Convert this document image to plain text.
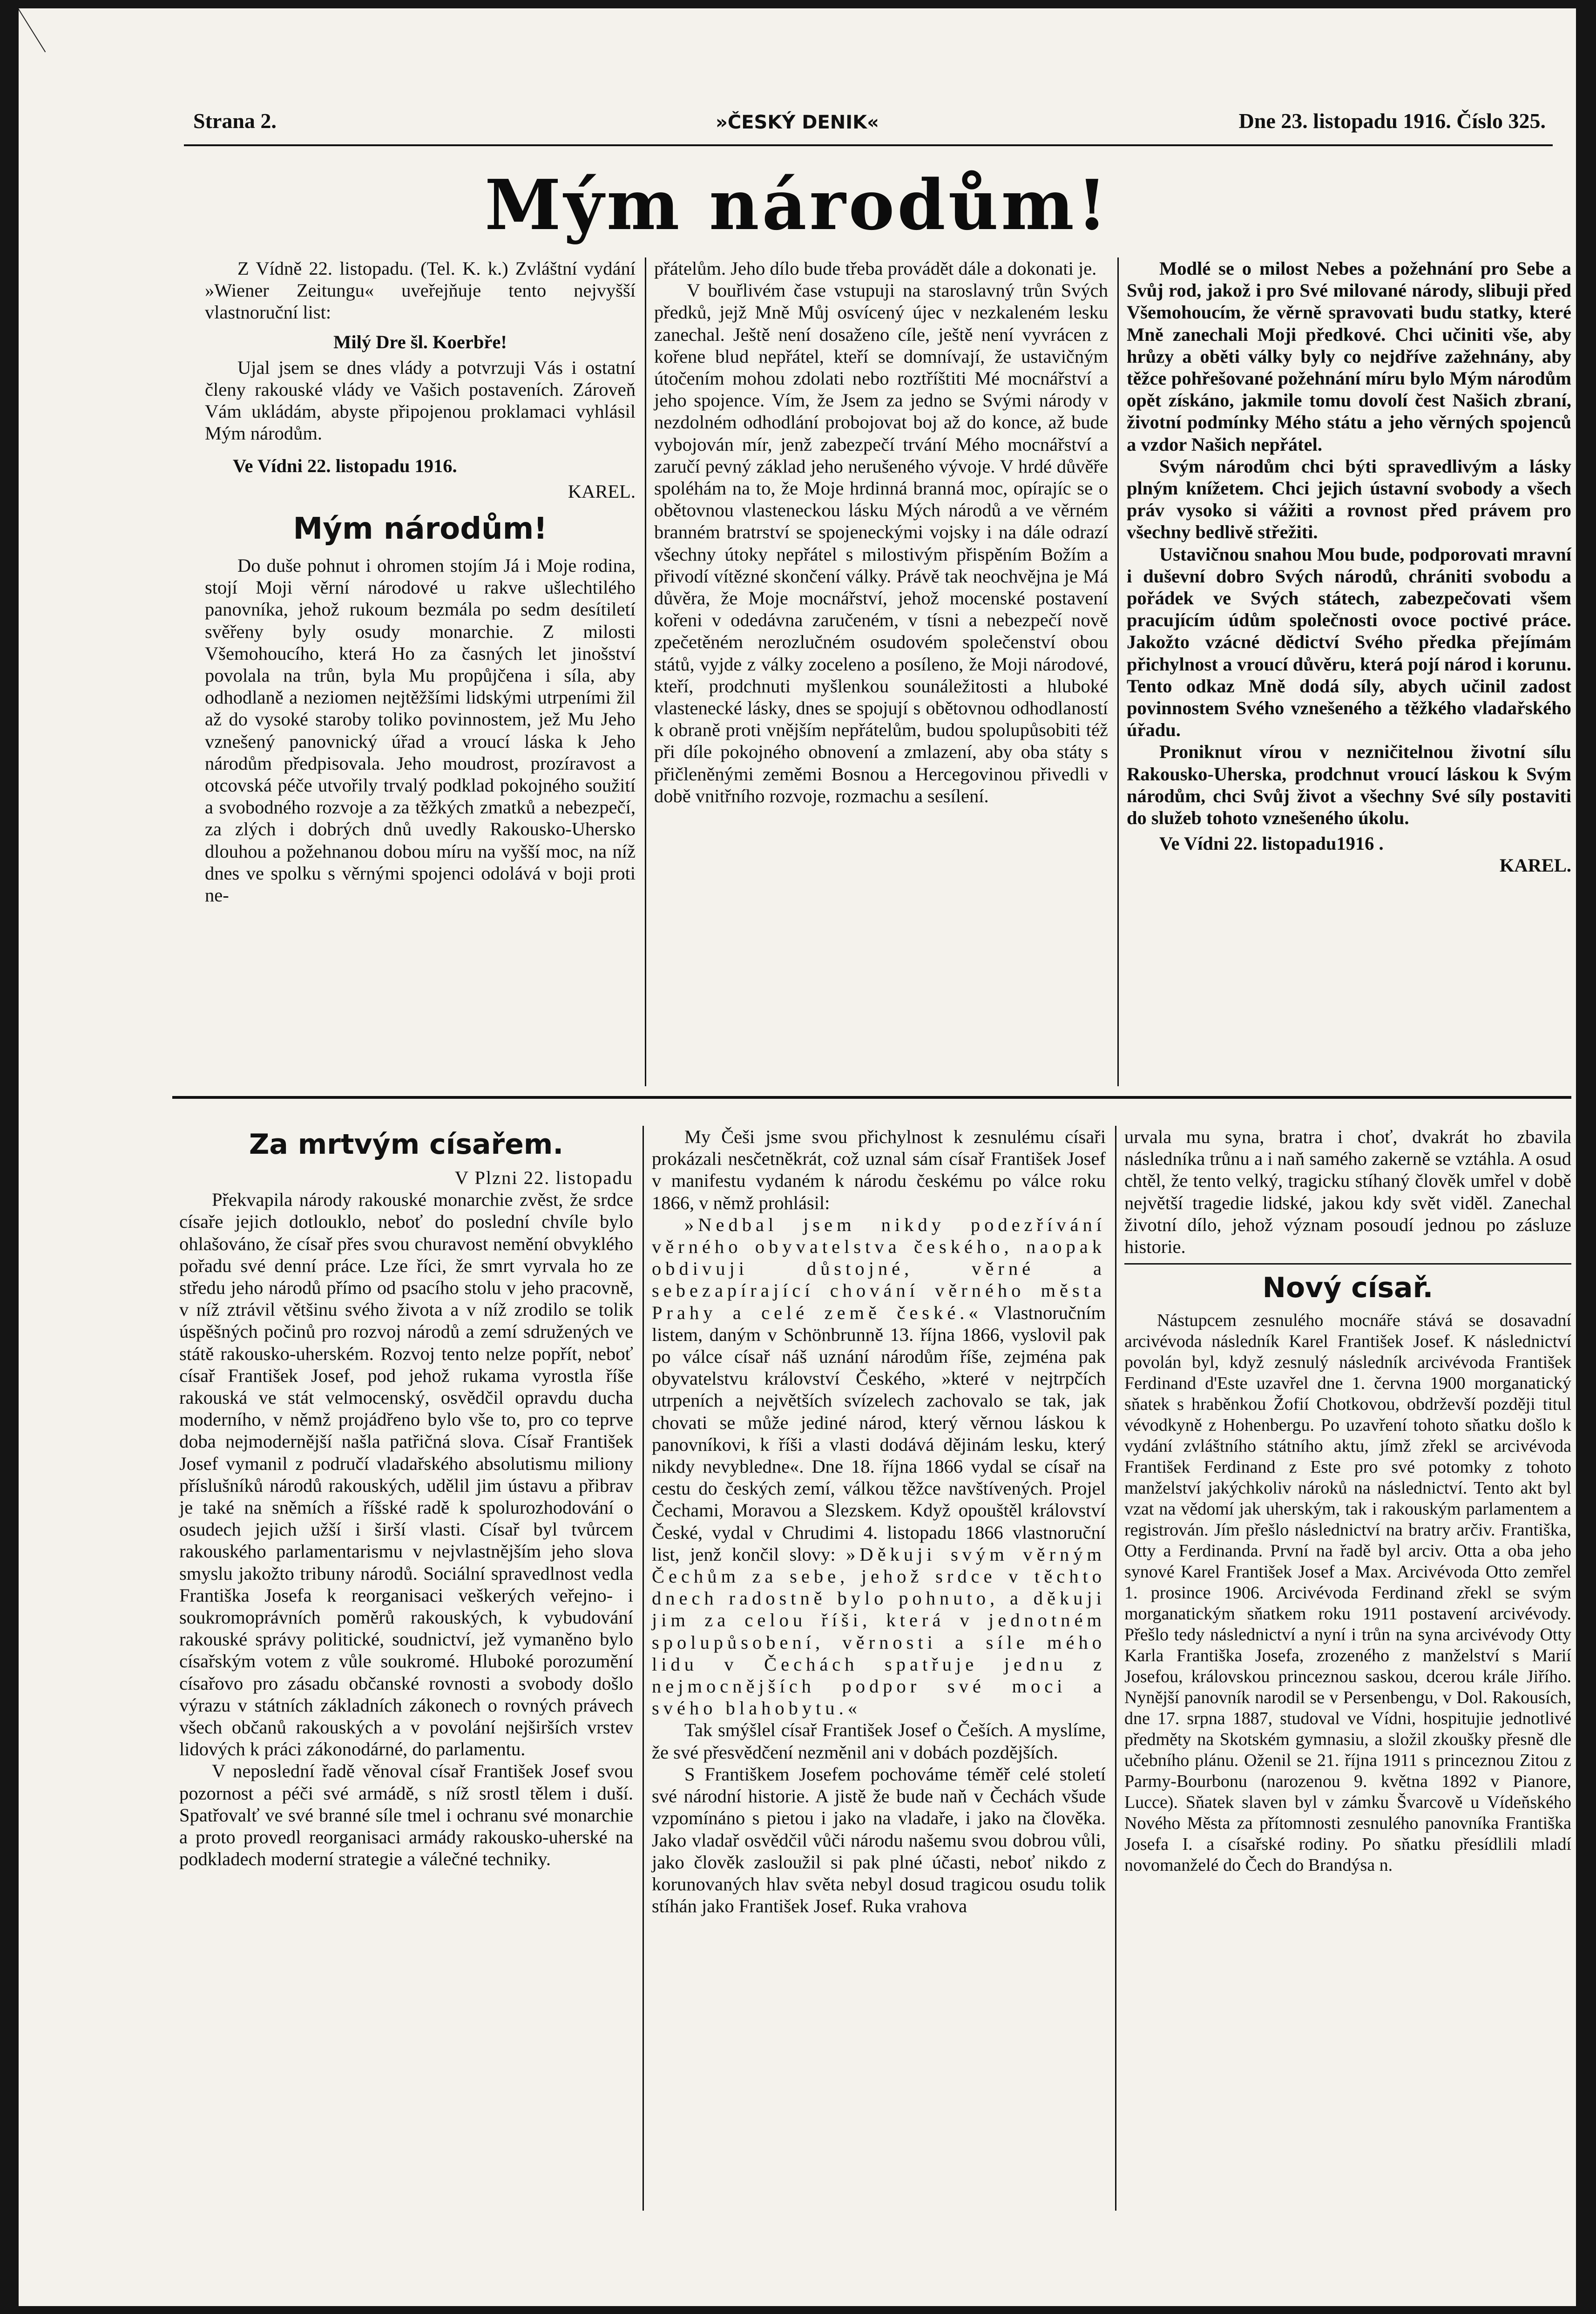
Strana 2.	»ČESKÝ DENIK«	Dne 23. listopadu 1916. Číslo 325.
Mým národům!

Z Vídně 22. listopadu. (Tel. K. k.) Zvláštní vydání »Wiener Zeitungu« uveřejňuje tento nejvyšší vlastnoruční list:

Milý Dre šl. Koerbře!

Ujal jsem se dnes vlády a potvrzuji Vás i ostatní členy rakouské vlády ve Vašich postaveních. Zároveň Vám ukládám, abyste připojenou proklamaci vyhlásil Mým národům.

Ve Vídni 22. listopadu 1916.

KAREL.

Mým národům!

Do duše pohnut i ohromen stojím Já i Moje rodina, stojí Moji věrní národové u rakve ušlechtilého panovníka, jehož rukoum bezmála po sedm desítiletí svěřeny byly osudy monarchie. Z milosti Všemohoucího, která Ho za časných let jinošství povolala na trůn, byla Mu propůjčena i síla, aby odhodlaně a neziomen nejtěžšími lidskými utrpeními žil až do vysoké staroby toliko povinnostem, jež Mu Jeho vznešený panovnický úřad a vroucí láska k Jeho národům předpisovala. Jeho moudrost, prozíravost a otcovská péče utvořily trvalý podklad pokojného soužití a svobodného rozvoje a za těžkých zmatků a nebezpečí, za zlých i dobrých dnů uvedly Rakousko-Uhersko dlouhou a požehnanou dobou míru na vyšší moc, na níž dnes ve spolku s věrnými spojenci odolává v boji proti ne-

přátelům. Jeho dílo bude třeba provádět dále a dokonati je.

V bouřlivém čase vstupuji na staroslavný trůn Svých předků, jejž Mně Můj osvícený újec v nezkaleném lesku zanechal. Ještě není dosaženo cíle, ještě není vyvrácen z kořene blud nepřátel, kteří se domnívají, že ustavičným útočením mohou zdolati nebo roztříštiti Mé mocnářství a jeho spojence. Vím, že Jsem za jedno se Svými národy v nezdolném odhodlání probojovat boj až do konce, až bude vybojován mír, jenž zabezpečí trvání Mého mocnářství a zaručí pevný základ jeho nerušeného vývoje. V hrdé důvěře spoléhám na to, že Moje hrdinná branná moc, opírajíc se o obětovnou vlasteneckou lásku Mých národů a ve věrném branném bratrství se spojeneckými vojsky i na dále odrazí všechny útoky nepřátel s milostivým přispěním Božím a přivodí vítězné skončení války. Právě tak neochvějna je Má důvěra, že Moje mocnářství, jehož mocenské postavení kořeni v odedávna zaručeném, v tísni a nebezpečí nově zpečetěném nerozlučném osudovém společenství obou států, vyjde z války zoceleno a posíleno, že Moji národové, kteří, prodchnuti myšlenkou sounáležitosti a hluboké vlastenecké lásky, dnes se spojují s obětovnou odhodlaností k obraně proti vnějším nepřátelům, budou spolupůsobiti též při díle pokojného obnovení a zmlazení, aby oba státy s přičleněnými zeměmi Bosnou a Hercegovinou přivedli v době vnitřního rozvoje, rozmachu a sesílení.

Modlé se o milost Nebes a požehnání pro Sebe a Svůj rod, jakož i pro Své milované národy, slibuji před Všemohoucím, že věrně spravovati budu statky, které Mně zanechali Moji předkové. Chci učiniti vše, aby hrůzy a oběti války byly co nejdříve zažehnány, aby těžce pohřešované požehnání míru bylo Mým národům opět získáno, jakmile tomu dovolí čest Našich zbraní, životní podmínky Mého státu a jeho věrných spojenců a vzdor Našich nepřátel.

Svým národům chci býti spravedlivým a lásky plným knížetem. Chci jejich ústavní svobody a všech práv vysoko si vážiti a rovnost před právem pro všechny bedlivě střežiti.

Ustavičnou snahou Mou bude, podporovati mravní i duševní dobro Svých národů, chrániti svobodu a pořádek ve Svých státech, zabezpečovati všem pracujícím údům společnosti ovoce poctivé práce. Jakožto vzácné dědictví Svého předka přejímám přichylnost a vroucí důvěru, která pojí národ i korunu. Tento odkaz Mně dodá síly, abych učinil zadost povinnostem Svého vznešeného a těžkého vladařského úřadu.

Proniknut vírou v nezničitelnou životní sílu Rakousko-Uherska, prodchnut vroucí láskou k Svým národům, chci Svůj život a všechny Své síly postaviti do služeb tohoto vznešeného úkolu.

Ve Vídni 22. listopadu1916 .

KAREL.

Za mrtvým císařem.

V Plzni 22. listopadu

Překvapila národy rakouské monarchie zvěst, že srdce císaře jejich dotlouklo, neboť do poslední chvíle bylo ohlašováno, že císař přes svou churavost nemění obvyklého pořadu své denní práce. Lze říci, že smrt vyrvala ho ze středu jeho národů přímo od psacího stolu v jeho pracovně, v níž ztrávil většinu svého života a v níž zrodilo se tolik úspěšných počinů pro rozvoj národů a zemí sdružených ve státě rakousko-uherském. Rozvoj tento nelze popřít, neboť císař František Josef, pod jehož rukama vyrostla říše rakouská ve stát velmocenský, osvědčil opravdu ducha moderního, v němž projádřeno bylo vše to, pro co teprve doba nejmodernější našla patřičná slova. Císař František Josef vymanil z područí vladařského absolutismu miliony příslušníků národů rakouských, udělil jim ústavu a přibrav je také na sněmích a říšské radě k spolurozhodování o osudech jejich užší i širší vlasti. Císař byl tvůrcem rakouského parlamentarismu v nejvlastnějším jeho slova smyslu jakožto tribuny národů. Sociální spravedlnost vedla Františka Josefa k reorganisaci veškerých veřejno- i soukromoprávních poměrů rakouských, k vybudování rakouské správy politické, soudnictví, jež vymaněno bylo císařským votem z vůle soukromé. Hluboké porozumění císařovo pro zásadu občanské rovnosti a svobody došlo výrazu v státních základních zákonech o rovných právech všech občanů rakouských a v povolání nejširších vrstev lidových k práci zákonodárné, do parlamentu.

V neposlední řadě věnoval císař František Josef svou pozornost a péči své armádě, s níž srostl tělem i duší. Spatřovalť ve své branné síle tmel i ochranu své monarchie a proto provedl reorganisaci armády rakousko-uherské na podkladech moderní strategie a válečné techniky.

My Češi jsme svou přichylnost k zesnulému císaři prokázali nesčetněkrát, což uznal sám císař František Josef v manifestu vydaném k národu českému po válce roku 1866, v němž prohlásil:

»Nedbal jsem nikdy podezřívání věrného obyvatelstva českého, naopak obdivuji důstojné, věrné a sebezapírající chování věrného města Prahy a celé země české.« Vlastnoručním listem, daným v Schönbrunně 13. října 1866, vyslovil pak po válce císař náš uznání národům říše, zejména pak obyvatelstvu království Českého, »které v nejtrpčích utrpeních a největších svízelech zachovalo se tak, jak chovati se může jediné národ, který věrnou láskou k panovníkovi, k říši a vlasti dodává dějinám lesku, který nikdy nevybledne«. Dne 18. října 1866 vydal se císař na cestu do českých zemí, válkou těžce navštívených. Projel Čechami, Moravou a Slezskem. Když opouštěl království České, vydal v Chrudimi 4. listopadu 1866 vlastnoruční list, jenž končil slovy: »Děkuji svým věrným Čechům za sebe, jehož srdce v těchto dnech radostně bylo pohnuto, a děkuji jim za celou říši, která v jednotném spolupůsobení, věrnosti a síle mého lidu v Čechách spatřuje jednu z nejmocnějších podpor své moci a svého blahobytu.«

Tak smýšlel císař František Josef o Češích. A myslíme, že své přesvědčení nezměnil ani v dobách pozdějších.

S Františkem Josefem pochováme téměř celé století své národní historie. A jistě že bude naň v Čechách všude vzpomínáno s pietou i jako na vladaře, i jako na člověka. Jako vladař osvědčil vůči národu našemu svou dobrou vůli, jako člověk zasloužil si pak plné účasti, neboť nikdo z korunovaných hlav světa nebyl dosud tragicou osudu tolik stíhán jako František Josef. Ruka vrahova

urvala mu syna, bratra i choť, dvakrát ho zbavila následníka trůnu a i naň samého zakerně se vztáhla. A osud chtěl, že tento velký, tragicku stíhaný člověk umřel v době největší tragedie lidské, jakou kdy svět viděl. Zanechal životní dílo, jehož význam posoudí jednou po zásluze historie.

Nový císař.

Nástupcem zesnulého mocnáře stává se dosavadní arcivévoda následník Karel František Josef. K následnictví povolán byl, když zesnulý následník arcivévoda František Ferdinand d'Este uzavřel dne 1. června 1900 morganatický sňatek s hraběnkou Žofií Chotkovou, obdrževší později titul vévodkyně z Hohenbergu. Po uzavření tohoto sňatku došlo k vydání zvláštního státního aktu, jímž zřekl se arcivévoda František Ferdinand z Este pro své potomky z tohoto manželství jakýchkoliv nároků na následnictví. Tento akt byl vzat na vědomí jak uherským, tak i rakouským parlamentem a registrován. Jím přešlo následnictví na bratry arčiv. Františka, Otty a Ferdinanda. První na řadě byl arciv. Otta a oba jeho synové Karel František Josef a Max. Arcivévoda Otto zemřel 1. prosince 1906. Arcivévoda Ferdinand zřekl se svým morganatickým sňatkem roku 1911 postavení arcivévody. Přešlo tedy následnictví a nyní i trůn na syna arcivévody Otty Karla Františka Josefa, zrozeného z manželství s Marií Josefou, královskou princeznou saskou, dcerou krále Jiřího. Nynější panovník narodil se v Persenbengu, v Dol. Rakousích, dne 17. srpna 1887, studoval ve Vídni, hospitujie jednotlivé předměty na Skotském gymnasiu, a složil zkoušky přesně dle učebního plánu. Oženil se 21. října 1911 s princeznou Zitou z Parmy-Bourbonu (narozenou 9. května 1892 v Pianore, Lucce). Sňatek slaven byl v zámku Švarcově u Vídeňského Nového Města za přítomnosti zesnulého panovníka Františka Josefa I. a císařské rodiny. Po sňatku přesídlili mladí novomanželé do Čech do Brandýsa n.
